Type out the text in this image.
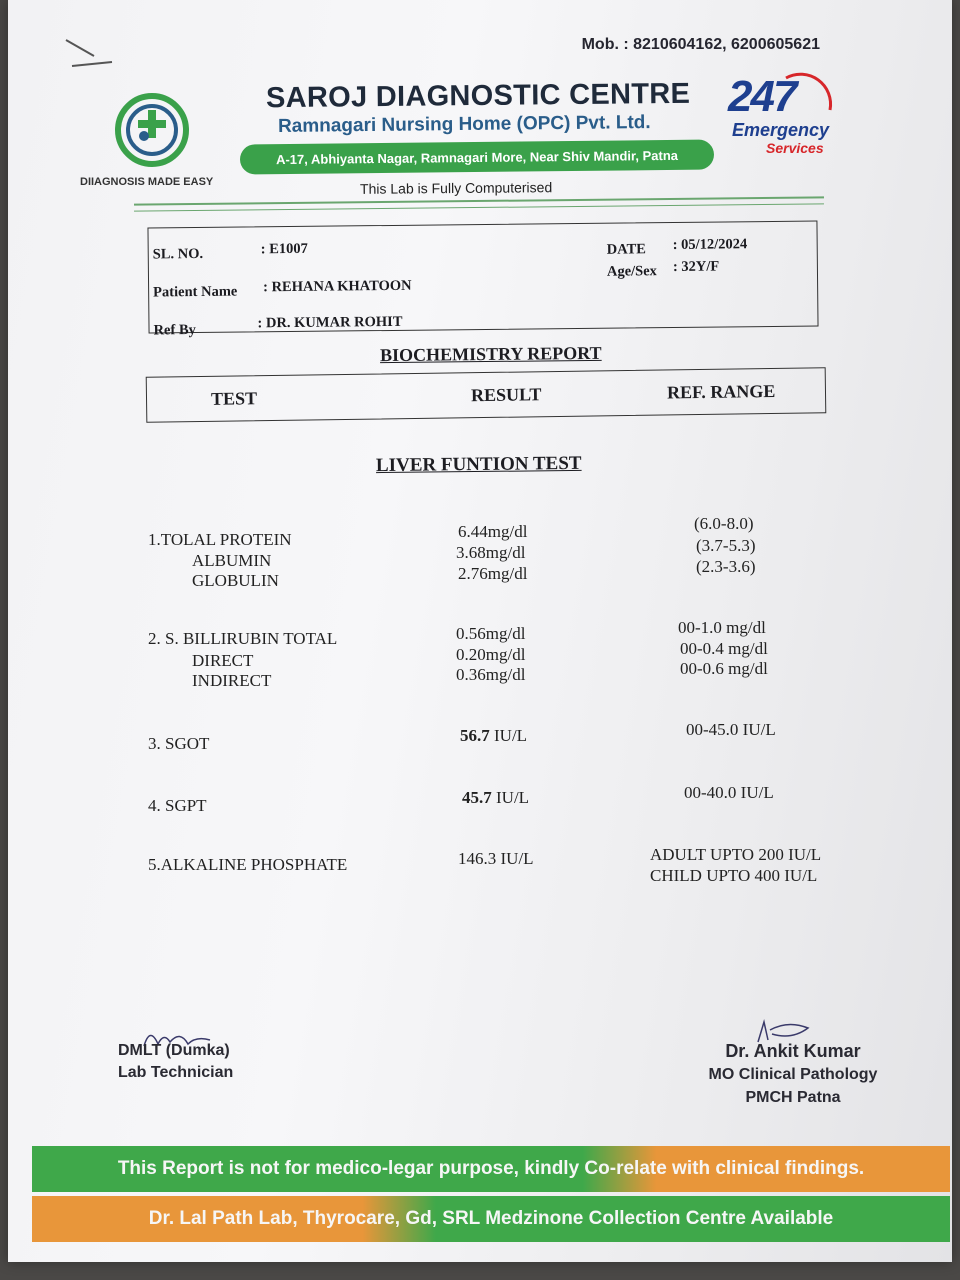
Mob. : 8210604162, 6200605621
DIIAGNOSIS MADE EASY
SAROJ DIAGNOSTIC CENTRE
Ramnagari Nursing Home (OPC) Pvt. Ltd.
A-17, Abhiyanta Nagar, Ramnagari More, Near Shiv Mandir, Patna
This Lab is Fully Computerised
247
Emergency
Services
SL. NO.	: E1007
Patient Name : REHANA KHATOON
Ref By	: DR. KUMAR ROHIT
DATE : 05/12/2024
Age/Sex : 32Y/F
BIOCHEMISTRY REPORT
TEST	RESULT	REF. RANGE
LIVER FUNTION TEST
1.TOLAL PROTEIN	6.44mg/dl	(6.0-8.0)
ALBUMIN	3.68mg/dl	(3.7-5.3)
GLOBULIN	2.76mg/dl	(2.3-3.6)
2. S. BILLIRUBIN TOTAL	0.56mg/dl	00-1.0 mg/dl
DIRECT	0.20mg/dl	00-0.4 mg/dl
INDIRECT	0.36mg/dl	00-0.6 mg/dl
3. SGOT	56.7 IU/L	00-45.0 IU/L
4. SGPT	45.7 IU/L	00-40.0 IU/L
5.ALKALINE PHOSPHATE	146.3 IU/L	ADULT UPTO 200 IU/L
CHILD UPTO 400 IU/L
DMLT (Dumka)
Lab Technician
Dr. Ankit Kumar
MO Clinical Pathology
PMCH Patna
This Report is not for medico-legar purpose, kindly Co-relate with clinical findings.
Dr. Lal Path Lab, Thyrocare, Gd, SRL Medzinone Collection Centre Available
